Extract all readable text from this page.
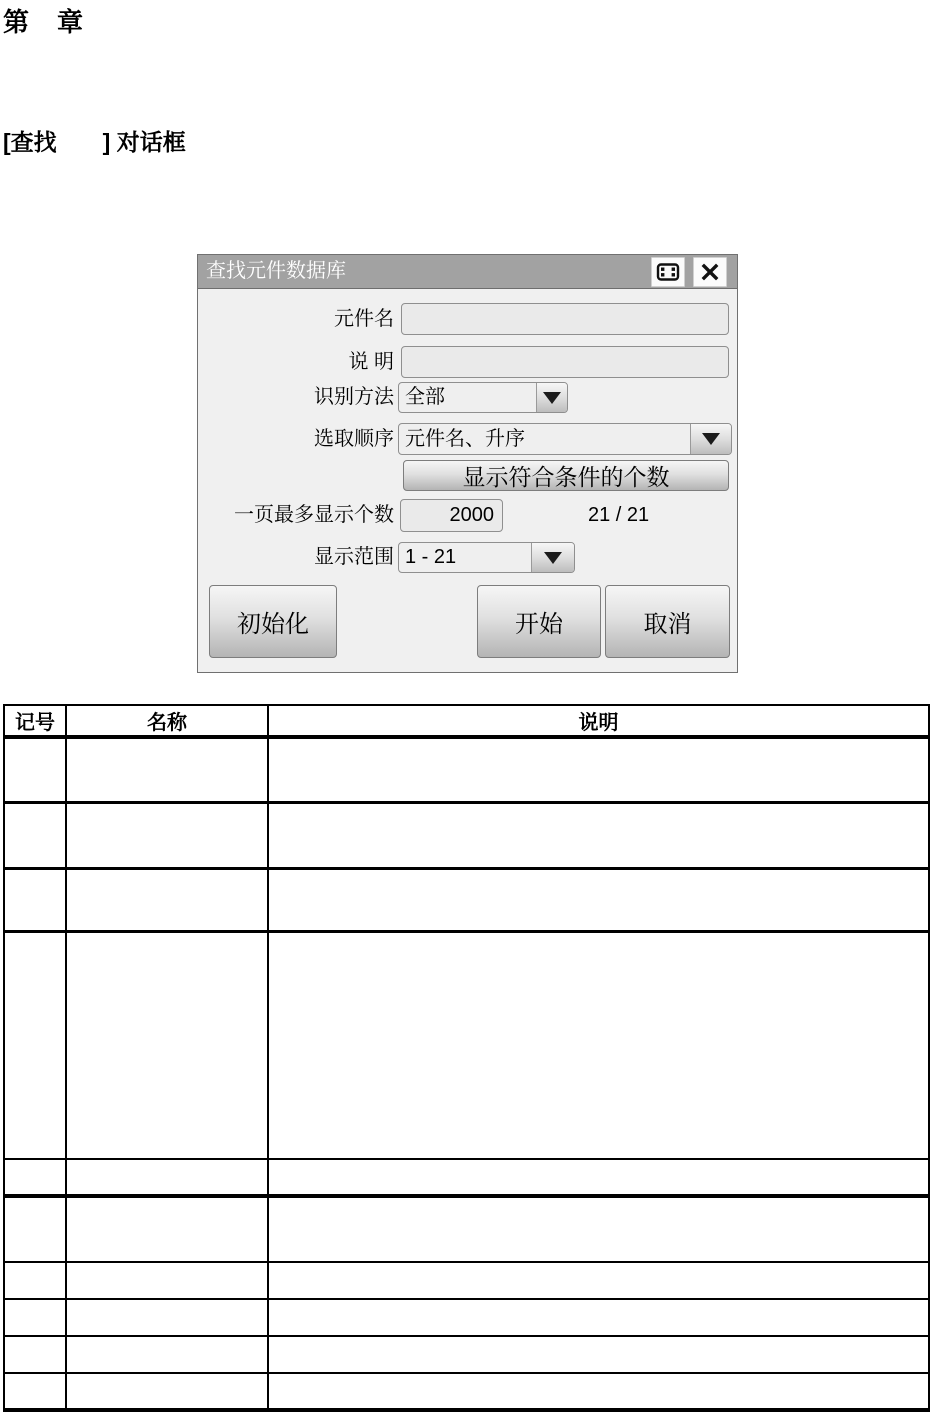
第　章
[查找　　] 对话框
查找元件数据库
元件名
说 明
识别方法 全部
选取顺序 元件名、升序
显示符合条件的个数
一页最多显示个数
2000	21 / 21
显示范围 1 - 21
初始化	开始	取消
记号	名称	说明
